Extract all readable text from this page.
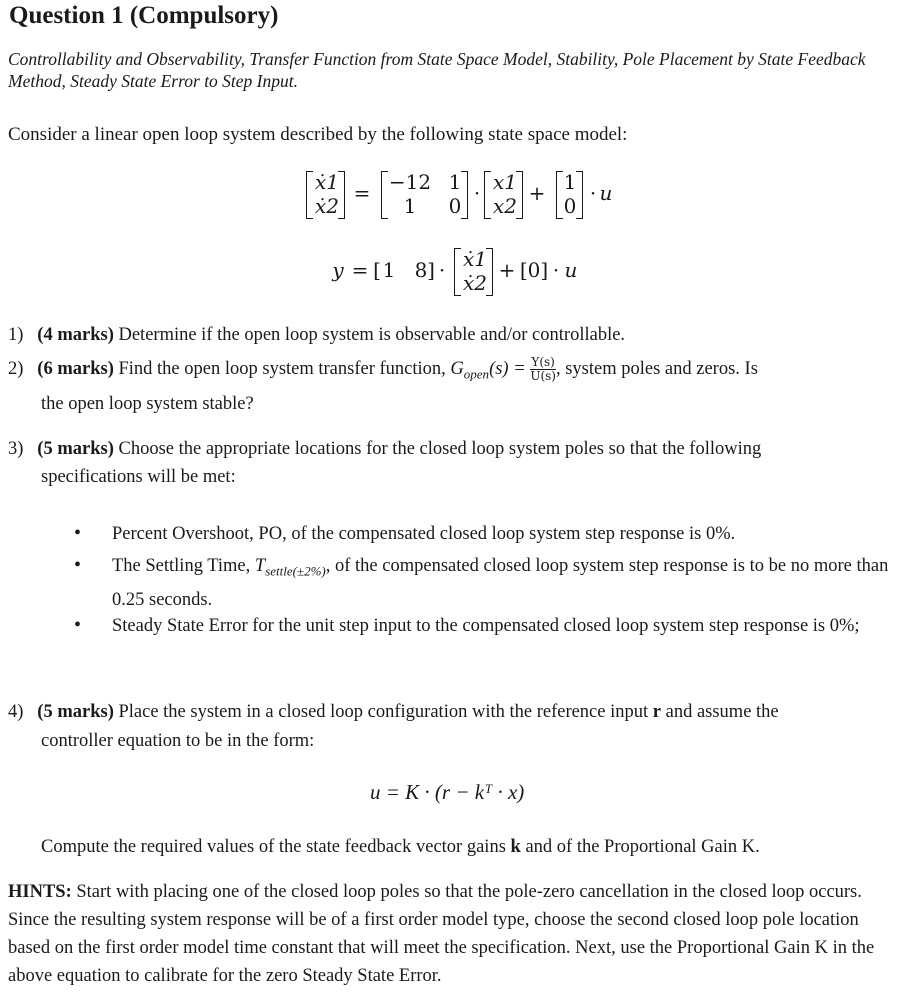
Question 1 (Compulsory)
Controllability and Observability, Transfer Function from State Space Model, Stability, Pole Placement by State Feedback Method, Steady State Error to Step Input.
Consider a linear open loop system described by the following state space model:
ẋ1
ẋ2
= −12 1
1	0
· x1
x2
+ 1
0
· u
y = [ 1 8 ] · ẋ1
ẋ2
+ [0] · u
1) (4 marks) Determine if the open loop system is observable and/or controllable.
2) (6 marks) Find the open loop system transfer function, $G_{open}(s) = \frac{Y(s)}{U(s)}$ , system poles and zeros. Is
the open loop system stable?
3) (5 marks) Choose the appropriate locations for the closed loop system poles so that the following
specifications will be met:
• Percent Overshoot, PO, of the compensated closed loop system step response is 0%.
• The Settling Time, $T_{settle(\pm 2\%)}$, of the compensated closed loop system step response is to be no more than 0.25 seconds.
• Steady State Error for the unit step input to the compensated closed loop system step response is 0%;
4) (5 marks) Place the system in a closed loop configuration with the reference input r and assume the
controller equation to be in the form:
u = K · (r − kᵀ · x)
Compute the required values of the state feedback vector gains k and of the Proportional Gain K.
HINTS: Start with placing one of the closed loop poles so that the pole-zero cancellation in the closed loop occurs. Since the resulting system response will be of a first order model type, choose the second closed loop pole location based on the first order model time constant that will meet the specification. Next, use the Proportional Gain K in the above equation to calibrate for the zero Steady State Error.
